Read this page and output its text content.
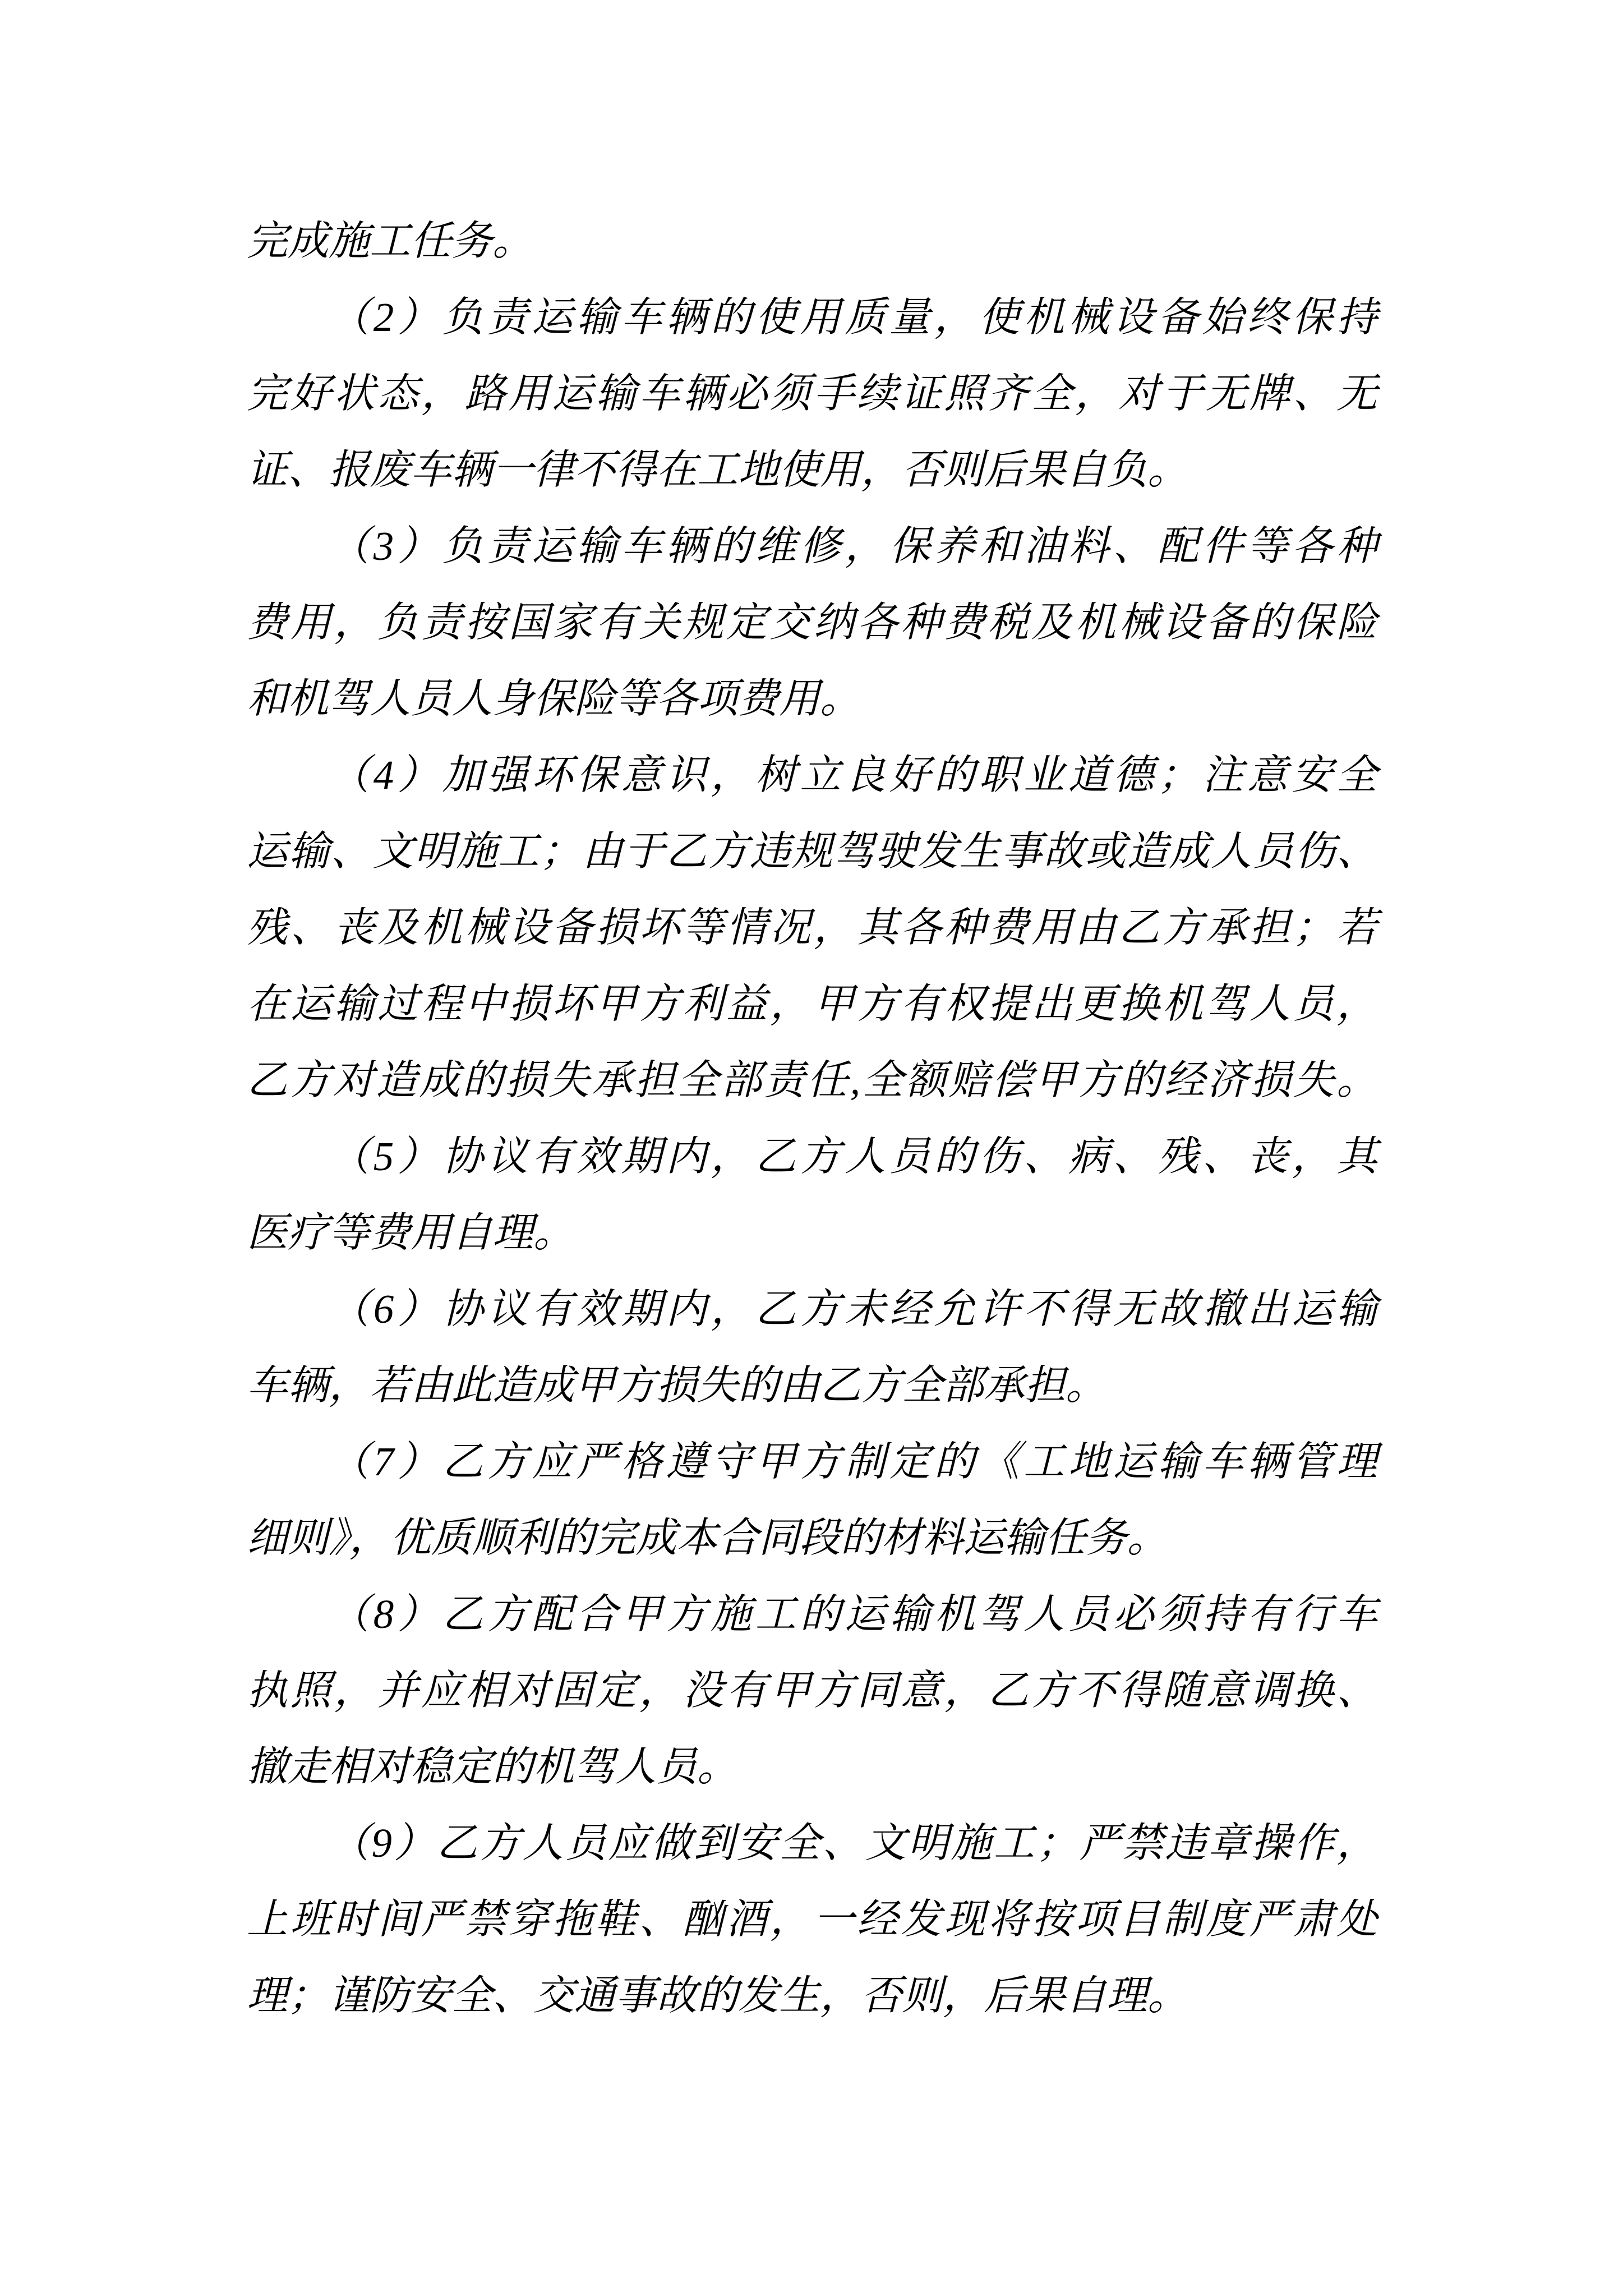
完成施工任务。
（2）负责运输车辆的使用质量，使机械设备始终保持
完好状态，路用运输车辆必须手续证照齐全，对于无牌、无
证、报废车辆一律不得在工地使用，否则后果自负。
（3）负责运输车辆的维修，保养和油料、配件等各种
费用，负责按国家有关规定交纳各种费税及机械设备的保险
和机驾人员人身保险等各项费用。
（4）加强环保意识，树立良好的职业道德；注意安全
运输、文明施工；由于乙方违规驾驶发生事故或造成人员伤、
残、丧及机械设备损坏等情况，其各种费用由乙方承担；若
在运输过程中损坏甲方利益，甲方有权提出更换机驾人员，
乙方对造成的损失承担全部责任,全额赔偿甲方的经济损失。
（5）协议有效期内，乙方人员的伤、病、残、丧，其
医疗等费用自理。
（6）协议有效期内，乙方未经允许不得无故撤出运输
车辆，若由此造成甲方损失的由乙方全部承担。
（7）乙方应严格遵守甲方制定的《工地运输车辆管理
细则》，优质顺利的完成本合同段的材料运输任务。
（8）乙方配合甲方施工的运输机驾人员必须持有行车
执照，并应相对固定，没有甲方同意，乙方不得随意调换、
撤走相对稳定的机驾人员。
（9）乙方人员应做到安全、文明施工；严禁违章操作，
上班时间严禁穿拖鞋、酗酒，一经发现将按项目制度严肃处
理；谨防安全、交通事故的发生，否则，后果自理。
